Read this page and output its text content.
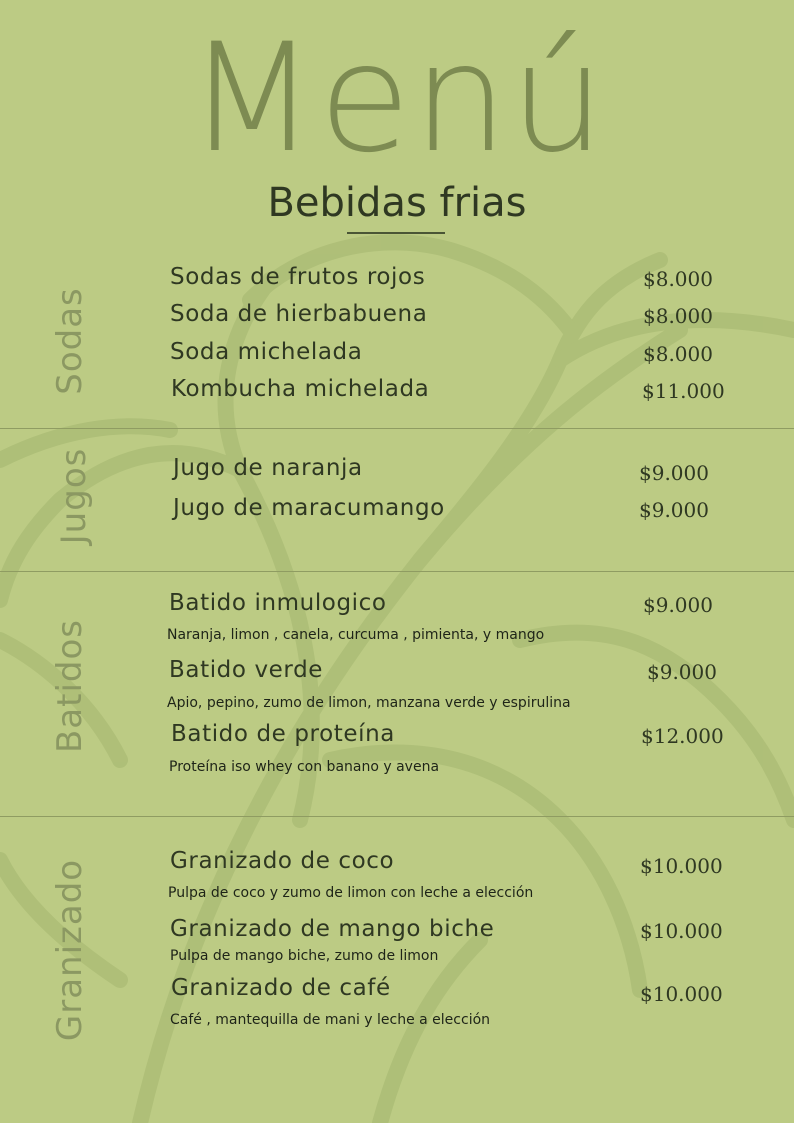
Menú
Bebidas frias
Sodas
Sodas de frutos rojos	$8.000
Soda de hierbabuena	$8.000
Soda michelada	$8.000
Kombucha michelada	$11.000
Jugos	Jugo de naranja	$9.000
Jugo de maracumango	$9.000
Batidos
Batido inmulogico	$9.000
Naranja, limon , canela, curcuma , pimienta, y mango
Batido verde	$9.000
Apio, pepino, zumo de limon, manzana verde y espirulina
Batido de proteína	$12.000
Proteína iso whey con banano y avena
Granizado	Granizado de coco	$10.000
Pulpa de coco y zumo de limon con leche a elección
Granizado de mango biche	$10.000
Pulpa de mango biche, zumo de limon
Granizado de café	$10.000
Café , mantequilla de mani y leche a elección
